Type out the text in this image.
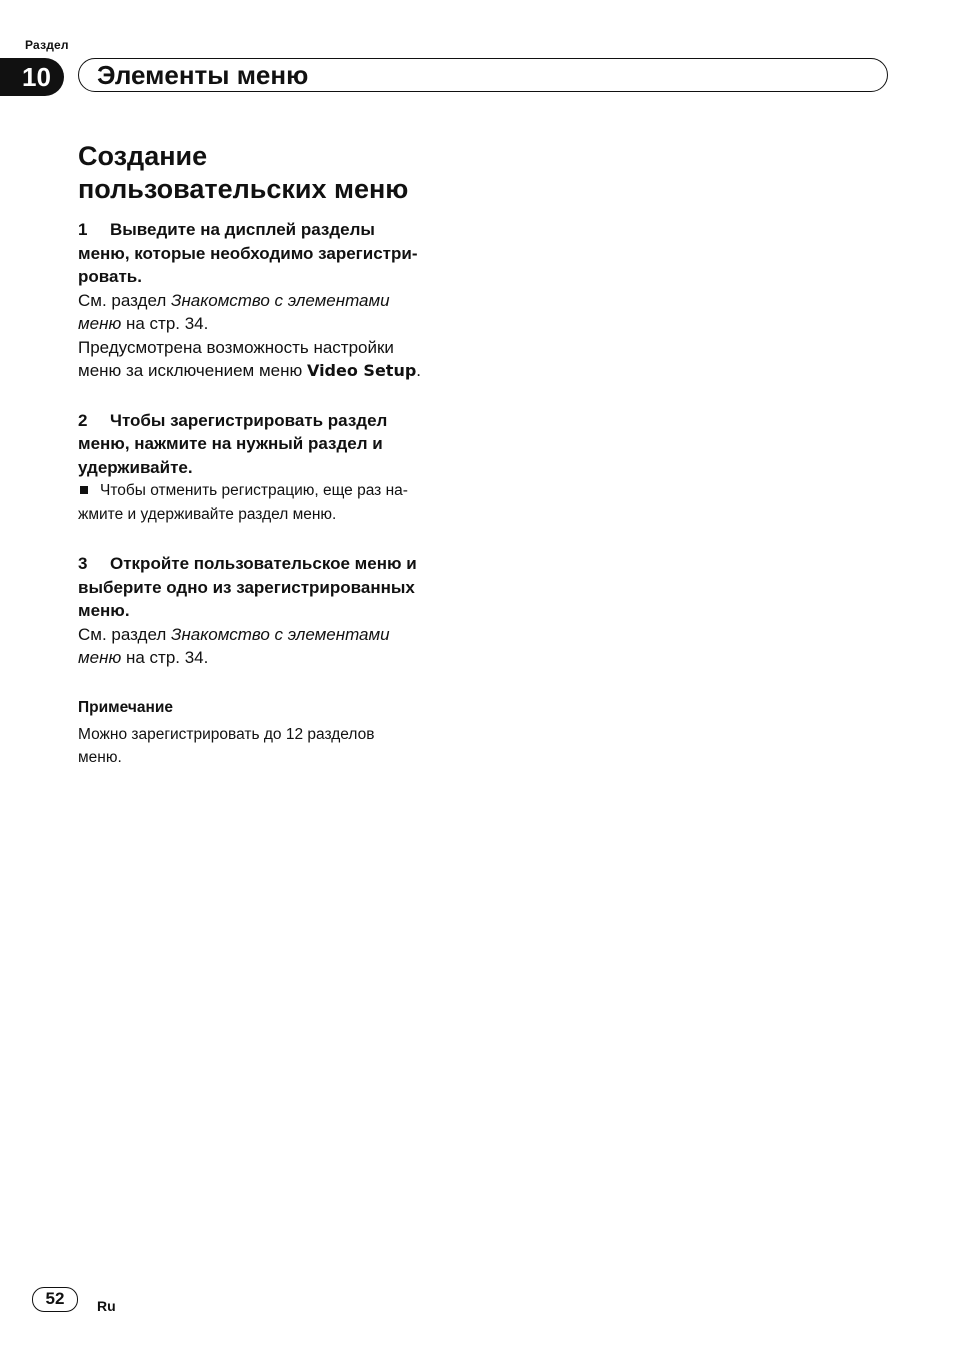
Раздел
10	Элементы меню
Создание
пользовательских меню

1 Выведите на дисплей разделы
меню, которые необходимо зарегистри-
ровать.

См. раздел Знакомство с элементами
меню на стр. 34.

Предусмотрена возможность настройки
меню за исключением меню Video Setup.

2 Чтобы зарегистрировать раздел
меню, нажмите на нужный раздел и
удерживайте.

Чтобы отменить регистрацию, еще раз на-
жмите и удерживайте раздел меню.

3 Откройте пользовательское меню и
выберите одно из зарегистрированных
меню.

См. раздел Знакомство с элементами
меню на стр. 34.

Примечание

Можно зарегистрировать до 12 разделов
меню.

52	Ru
